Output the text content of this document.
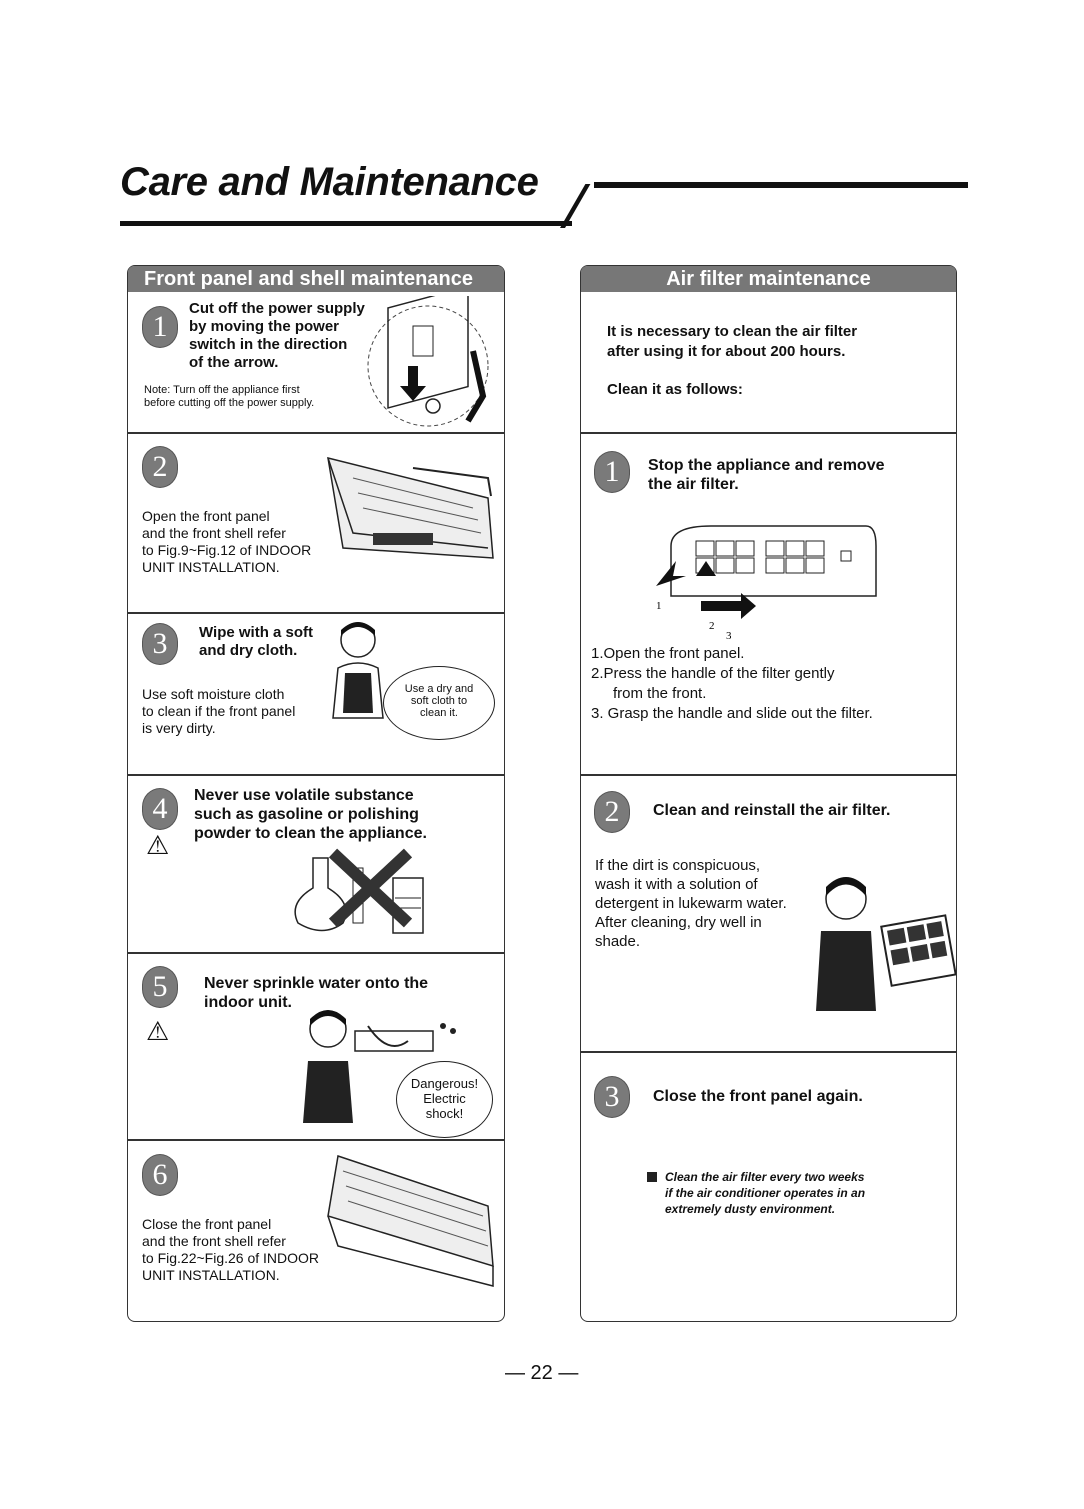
Care and Maintenance
Front panel and shell maintenance
1
Cut off the power supply
by moving the power
switch in the direction
of the arrow.
Note: Turn off the appliance first
before cutting off the power supply.
2
Open the front panel
and the front shell refer
to Fig.9~Fig.12 of INDOOR
UNIT INSTALLATION.
3	Wipe with a soft
and dry cloth.
Use soft moisture cloth
to clean if the front panel
is very dirty.
Use a dry and
soft cloth to
clean it.
4
⚠
Never use volatile substance
such as gasoline or polishing
powder to clean the appliance.
5
⚠
Never sprinkle water onto the
indoor unit.
Dangerous!
Electric
shock!
6
Close the front panel
and the front shell refer
to Fig.22~Fig.26 of INDOOR
UNIT INSTALLATION.
Air filter maintenance
It is necessary to clean the air filter
after using it for about 200 hours.
Clean it as follows:
1	Stop the appliance and remove
the air filter.
1
2
3
1.Open the front panel.
2.Press the handle of the filter gently
from the front.
3. Grasp the handle and slide out the filter.
2	Clean and reinstall the air filter.
If the dirt is conspicuous,
wash it with a solution of
detergent in lukewarm water.
After cleaning, dry well in
shade.
3	Close the front panel again.
Clean the air filter every two weeks
if the air conditioner operates in an
extremely dusty environment.
— 22 —
